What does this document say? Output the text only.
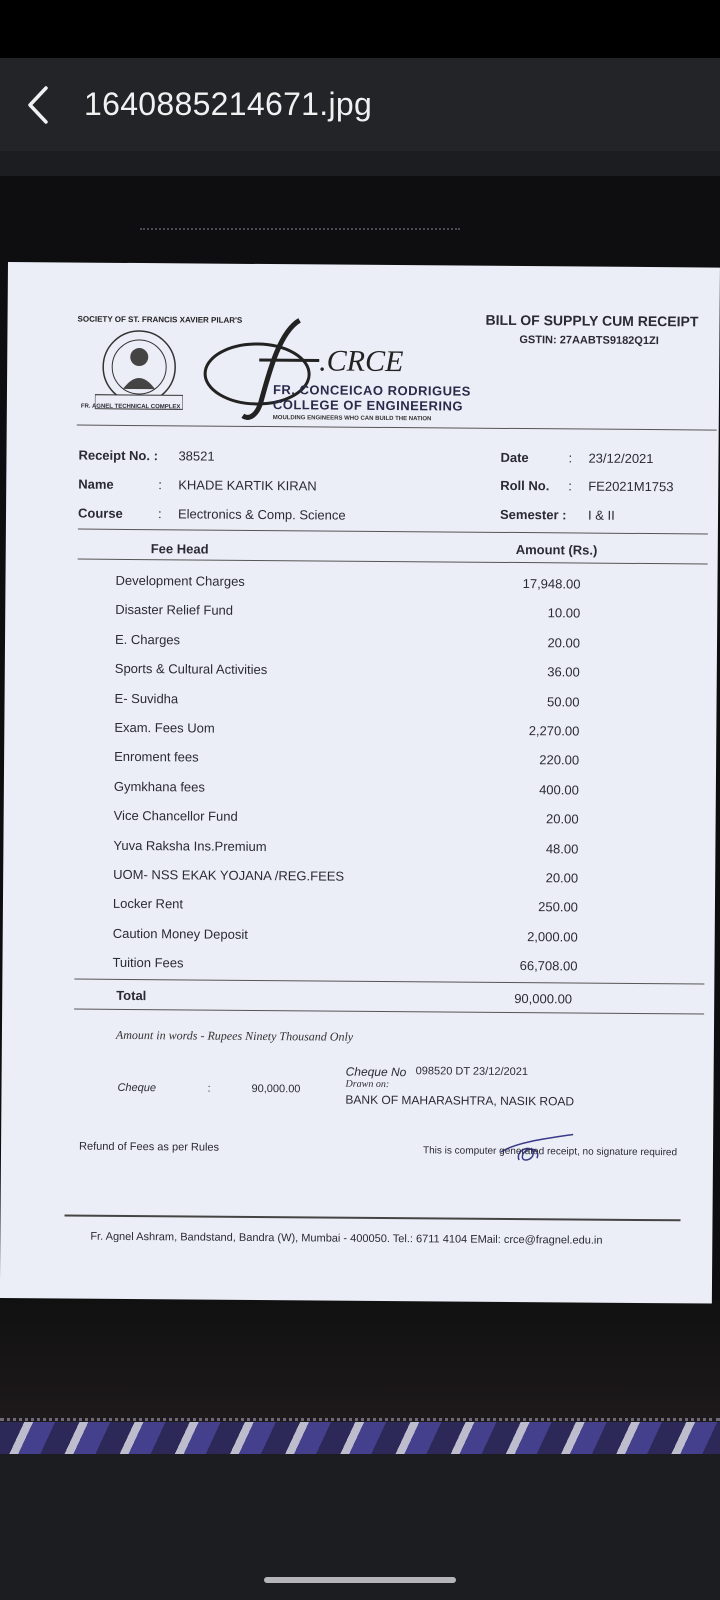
1640885214671.jpg
SOCIETY OF ST. FRANCIS XAVIER PILAR'S
FR. AGNEL TECHNICAL COMPLEX
.CRCE
FR. CONCEICAO RODRIGUES
COLLEGE OF ENGINEERING
MOULDING ENGINEERS WHO CAN BUILD THE NATION
BILL OF SUPPLY CUM RECEIPT
GSTIN: 27AABTS9182Q1ZI
Receipt No. : 38521
Name	: KHADE KARTIK KIRAN
Course	: Electronics & Comp. Science
Date	: 23/12/2021
Roll No. : FE2021M1753
Semester : I & II
Fee Head	Amount (Rs.)
Development Charges	17,948.00
Disaster Relief Fund	10.00
E. Charges	20.00
Sports & Cultural Activities	36.00
E- Suvidha	50.00
Exam. Fees Uom	2,270.00
Enroment fees	220.00
Gymkhana fees	400.00
Vice Chancellor Fund	20.00
Yuva Raksha Ins.Premium	48.00
UOM- NSS EKAK YOJANA /REG.FEES	20.00
Locker Rent	250.00
Caution Money Deposit	2,000.00
Tuition Fees	66,708.00
Total	90,000.00
Amount in words - Rupees Ninety Thousand Only
Cheque No 098520 DT 23/12/2021
Drawn on:
BANK OF MAHARASHTRA, NASIK ROAD
Cheque	:	90,000.00
Refund of Fees as per Rules	This is computer generated receipt, no signature required
Fr. Agnel Ashram, Bandstand, Bandra (W), Mumbai - 400050. Tel.: 6711 4104 EMail: crce@fragnel.edu.in
